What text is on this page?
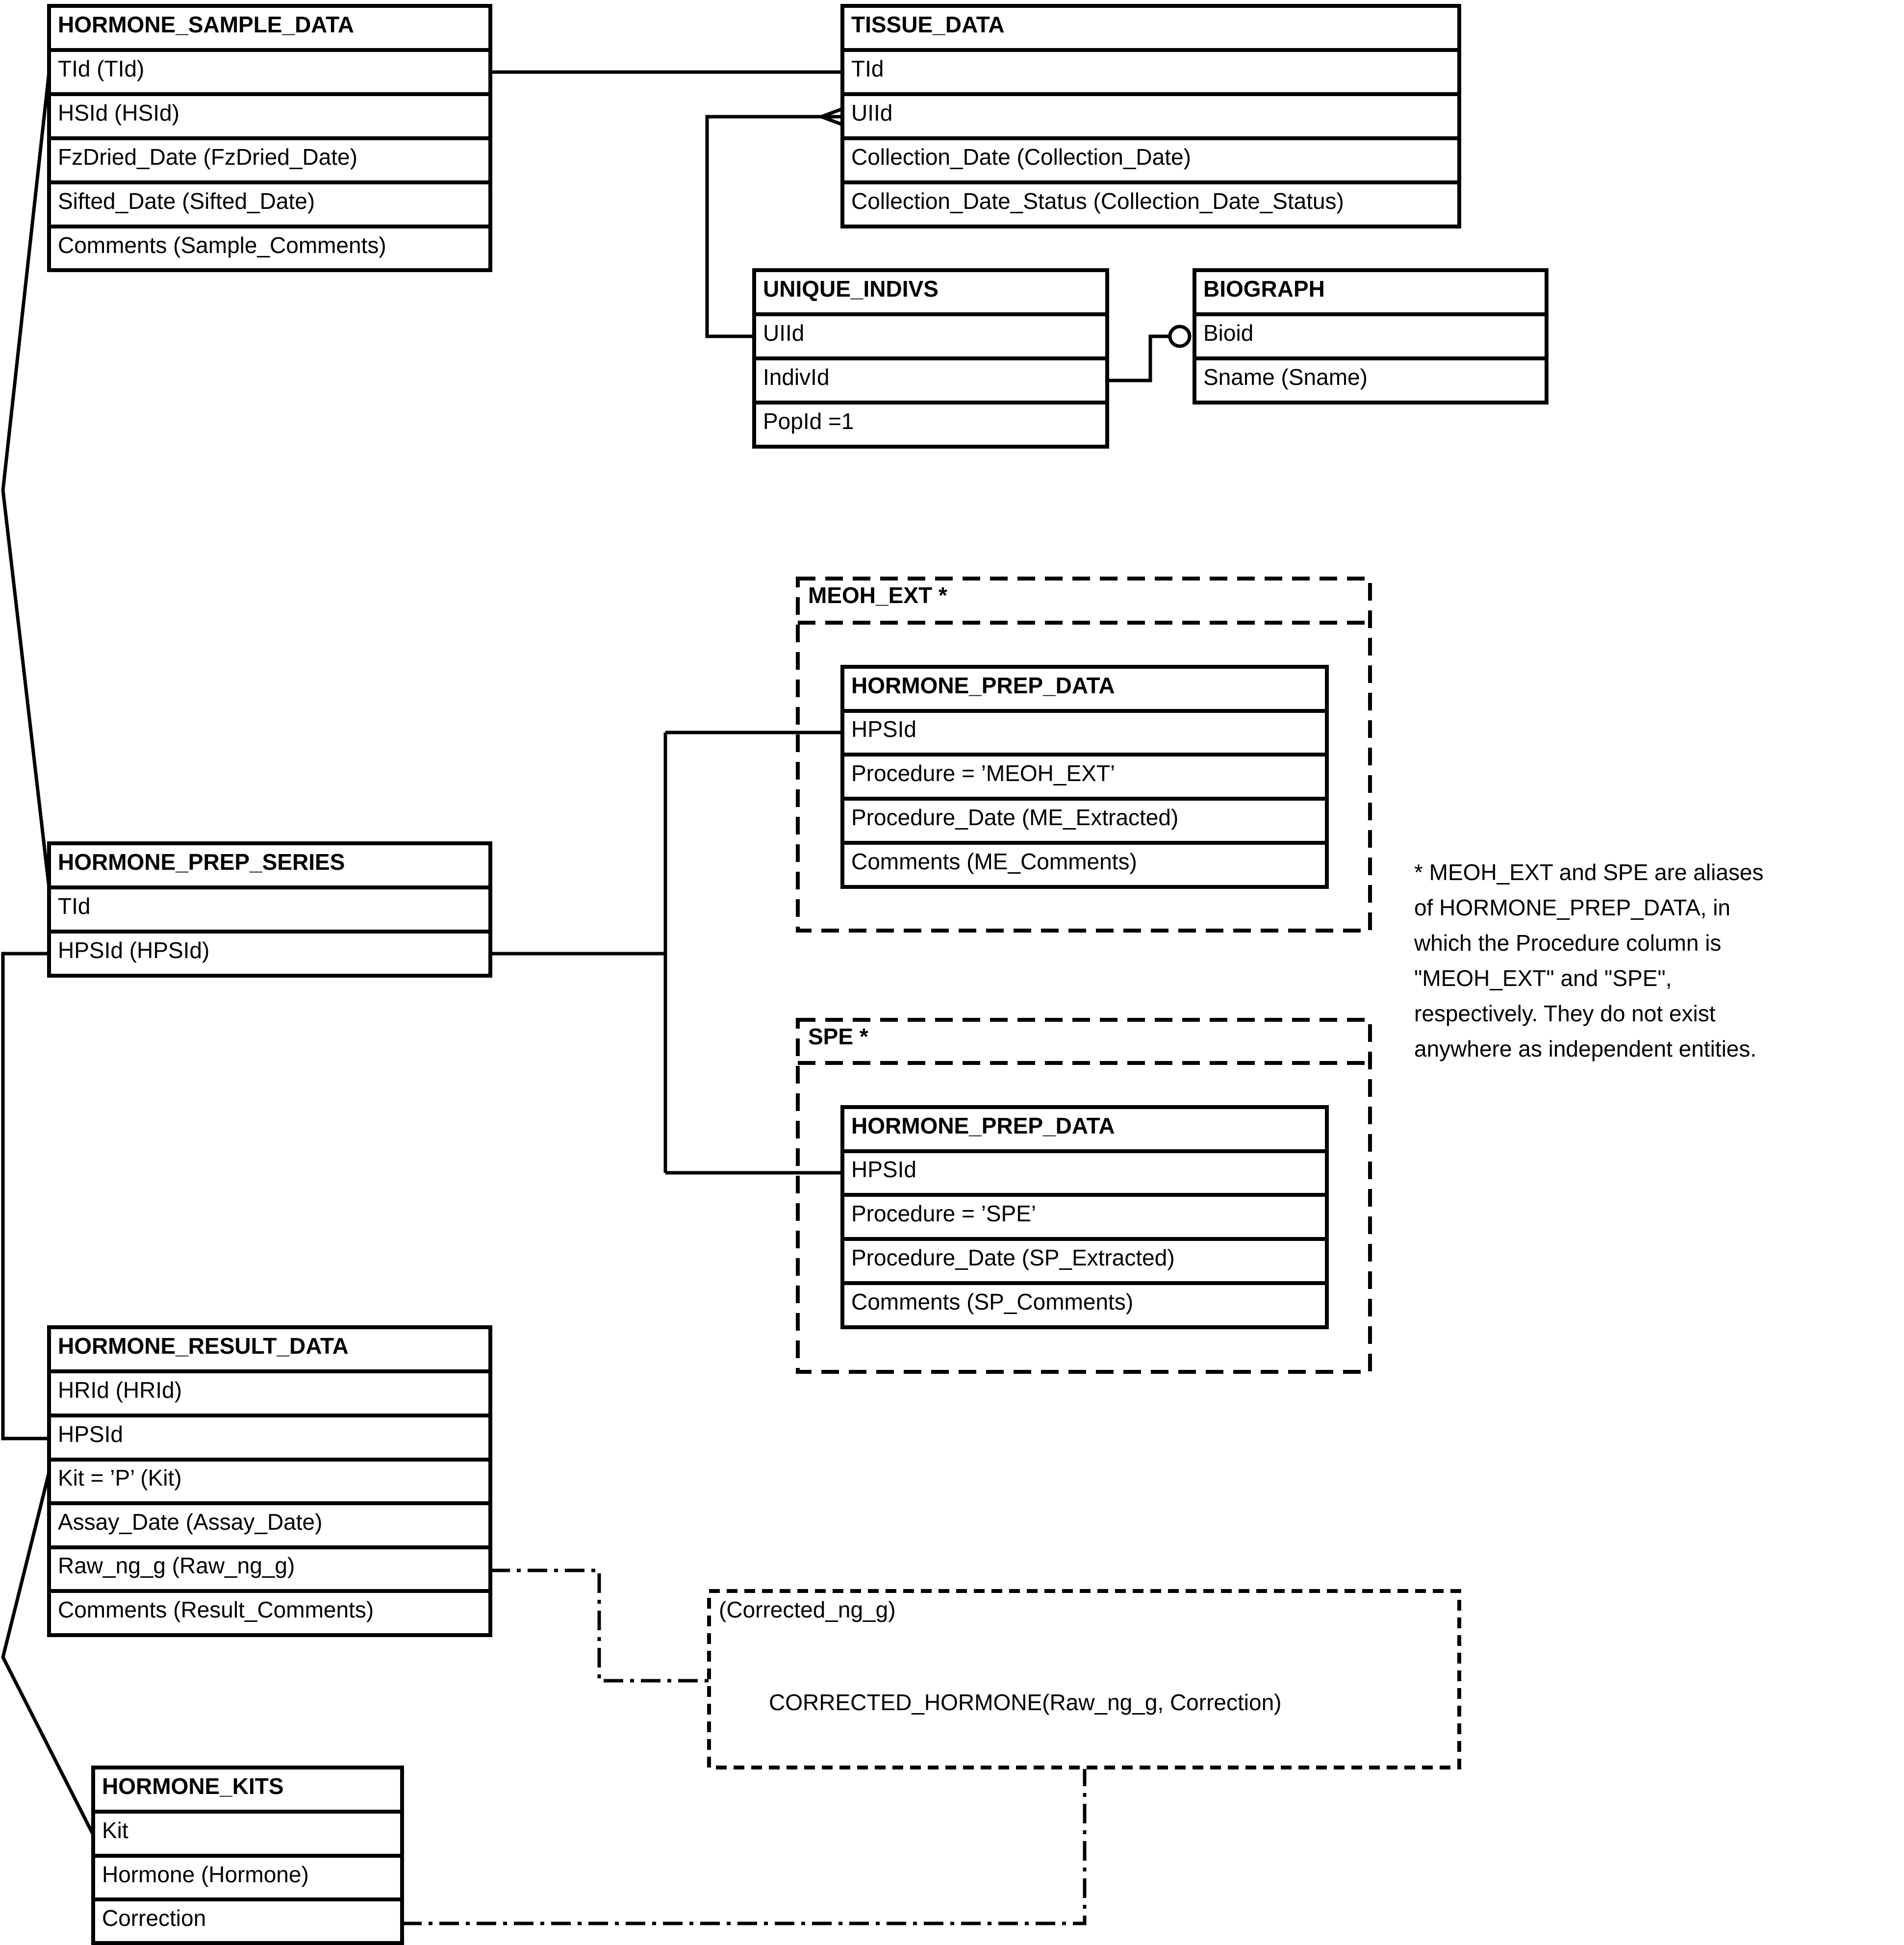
MEOH_EXT *
SPE *
HORMONE_SAMPLE_DATA
TId (TId)
HSId (HSId)
FzDried_Date (FzDried_Date)
Sifted_Date (Sifted_Date)
Comments (Sample_Comments)
TISSUE_DATA
TId
UIId
Collection_Date (Collection_Date)
Collection_Date_Status (Collection_Date_Status)
UNIQUE_INDIVS
UIId
IndivId
PopId =1
BIOGRAPH
Bioid
Sname (Sname)
HORMONE_PREP_SERIES
TId
HPSId (HPSId)
HORMONE_PREP_DATA
HPSId
Procedure = ’MEOH_EXT’
Procedure_Date (ME_Extracted)
Comments (ME_Comments)
HORMONE_PREP_DATA
HPSId
Procedure = ’SPE’
Procedure_Date (SP_Extracted)
Comments (SP_Comments)
HORMONE_RESULT_DATA
HRId (HRId)
HPSId
Kit = ’P’ (Kit)
Assay_Date (Assay_Date)
Raw_ng_g (Raw_ng_g)
Comments (Result_Comments)
HORMONE_KITS
Kit
Hormone (Hormone)
Correction
(Corrected_ng_g)
CORRECTED_HORMONE(Raw_ng_g, Correction)
* MEOH_EXT and SPE are aliases
of HORMONE_PREP_DATA, in
which the Procedure column is
"MEOH_EXT" and "SPE",
respectively. They do not exist
anywhere as independent entities.
